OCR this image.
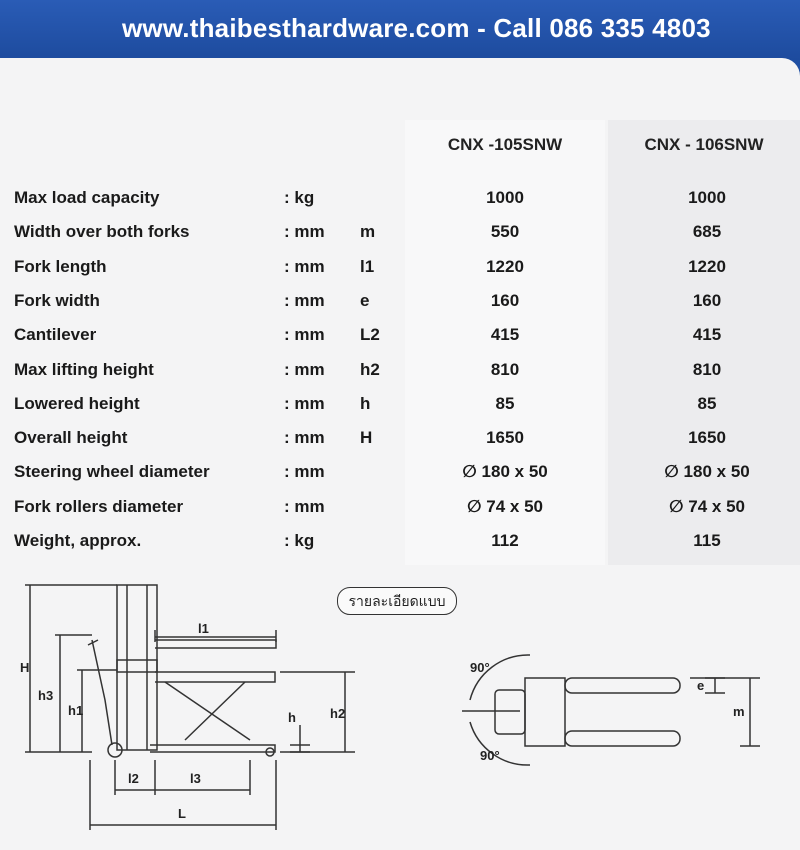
www.thaibesthardware.com - Call 086 335 4803
CNX -105SNW	CNX - 106SNW
Max load capacity	: kg	1000	1000
Width over both forks	: mm m	550	685
Fork length	: mm l1	1220	1220
Fork width	: mm e	160	160
Cantilever	: mm L2	415	415
Max lifting height	: mm h2	810	810
Lowered height	: mm h	85	85
Overall height	: mm H	1650	1650
Steering wheel diameter	: mm	∅ 180 x 50	∅ 180 x 50
Fork rollers diameter	: mm	∅ 74 x 50	∅ 74 x 50
Weight, approx.	: kg	112	115
รายละเอียดแบบ
H
h3
h1	h	h2
l1
l2	l3
L
90°
90°
e
m
